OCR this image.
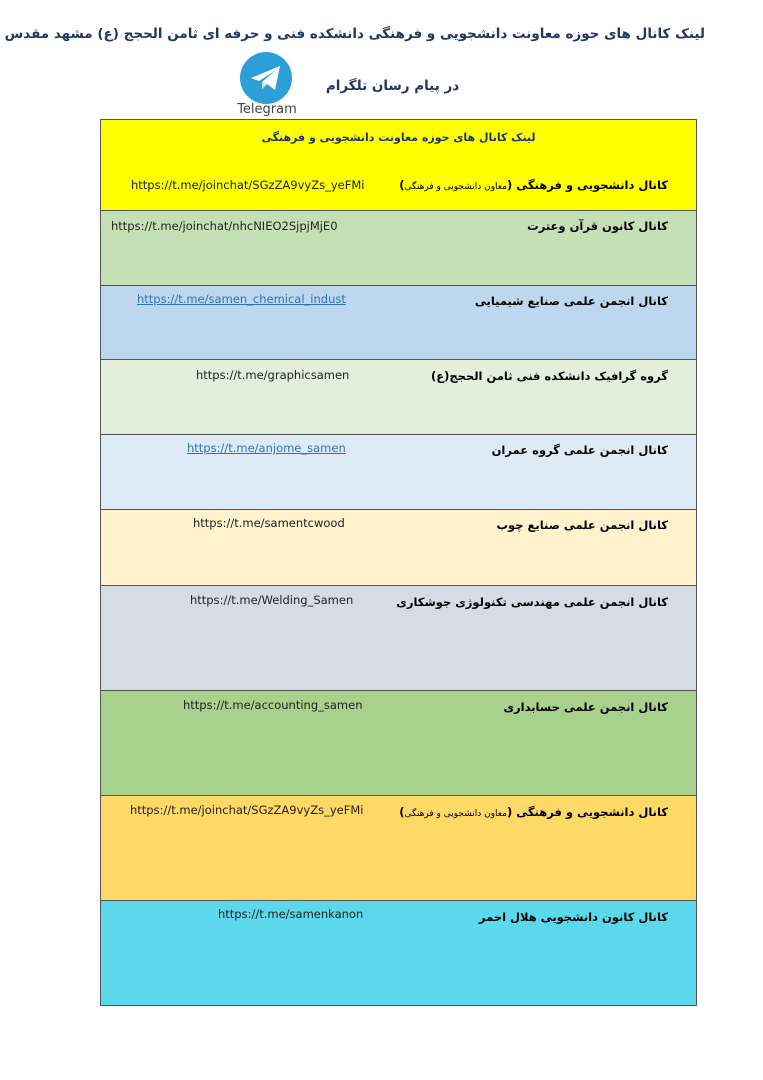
لینک کانال های حوزه معاونت دانشجویی و فرهنگی دانشکده فنی و حرفه ای ثامن الحجج (ع) مشهد مقدس
Telegram
در پیام رسان تلگرام
لینک کانال های حوزه معاونت دانشجویی و فرهنگی
کانال دانشجویی و فرهنگی (معاون دانشجویی و فرهنگی)
https://t.me/joinchat/SGzZA9vyZs_yeFMi
کانال کانون قرآن وعترت
https://t.me/joinchat/nhcNIEO2SjpjMjE0
کانال انجمن علمی صنایع شیمیایی
https://t.me/samen_chemical_indust
گروه گرافیک دانشکده فنی ثامن الحجج(ع)
https://t.me/graphicsamen
کانال انجمن علمی گروه عمران
https://t.me/anjome_samen
کانال انجمن علمی صنایع چوب
https://t.me/samentcwood
کانال انجمن علمی مهندسی تکنولوژی جوشکاری
https://t.me/Welding_Samen
کانال انجمن علمی حسابداری
https://t.me/accounting_samen
کانال دانشجویی و فرهنگی (معاون دانشجویی و فرهنگی)
https://t.me/joinchat/SGzZA9vyZs_yeFMi
کانال کانون دانشجویی هلال احمر
https://t.me/samenkanon
